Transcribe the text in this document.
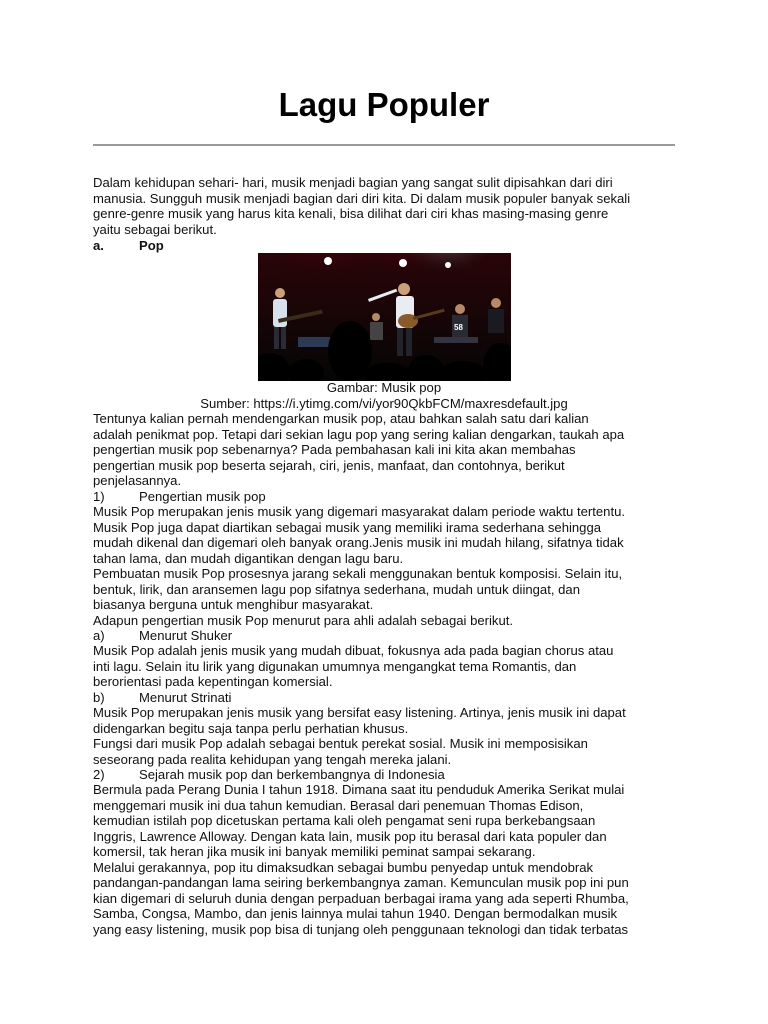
Lagu Populer
Dalam kehidupan sehari- hari, musik menjadi bagian yang sangat sulit dipisahkan dari diri
manusia. Sungguh musik menjadi bagian dari diri kita. Di dalam musik populer banyak sekali
genre-genre musik yang harus kita kenali, bisa dilihat dari ciri khas masing-masing genre
yaitu sebagai berikut.
a.	Pop
58
Gambar: Musik pop
Sumber: https://i.ytimg.com/vi/yor90QkbFCM/maxresdefault.jpg
Tentunya kalian pernah mendengarkan musik pop, atau bahkan salah satu dari kalian
adalah penikmat pop. Tetapi dari sekian lagu pop yang sering kalian dengarkan, taukah apa
pengertian musik pop sebenarnya? Pada pembahasan kali ini kita akan membahas
pengertian musik pop beserta sejarah, ciri, jenis, manfaat, dan contohnya, berikut
penjelasannya.
1)	Pengertian musik pop
Musik Pop merupakan jenis musik yang digemari masyarakat dalam periode waktu tertentu.
Musik Pop juga dapat diartikan sebagai musik yang memiliki irama sederhana sehingga
mudah dikenal dan digemari oleh banyak orang.Jenis musik ini mudah hilang, sifatnya tidak
tahan lama, dan mudah digantikan dengan lagu baru.
Pembuatan musik Pop prosesnya jarang sekali menggunakan bentuk komposisi. Selain itu,
bentuk, lirik, dan aransemen lagu pop sifatnya sederhana, mudah untuk diingat, dan
biasanya berguna untuk menghibur masyarakat.
Adapun pengertian musik Pop menurut para ahli adalah sebagai berikut.
a)	Menurut Shuker
Musik Pop adalah jenis musik yang mudah dibuat, fokusnya ada pada bagian chorus atau
inti lagu. Selain itu lirik yang digunakan umumnya mengangkat tema Romantis, dan
berorientasi pada kepentingan komersial.
b)	Menurut Strinati
Musik Pop merupakan jenis musik yang bersifat easy listening. Artinya, jenis musik ini dapat
didengarkan begitu saja tanpa perlu perhatian khusus.
Fungsi dari musik Pop adalah sebagai bentuk perekat sosial. Musik ini memposisikan
seseorang pada realita kehidupan yang tengah mereka jalani.
2)	Sejarah musik pop dan berkembangnya di Indonesia
Bermula pada Perang Dunia I tahun 1918. Dimana saat itu penduduk Amerika Serikat mulai
menggemari musik ini dua tahun kemudian. Berasal dari penemuan Thomas Edison,
kemudian istilah pop dicetuskan pertama kali oleh pengamat seni rupa berkebangsaan
Inggris, Lawrence Alloway. Dengan kata lain, musik pop itu berasal dari kata populer dan
komersil, tak heran jika musik ini banyak memiliki peminat sampai sekarang.
Melalui gerakannya, pop itu dimaksudkan sebagai bumbu penyedap untuk mendobrak
pandangan-pandangan lama seiring berkembangnya zaman. Kemunculan musik pop ini pun
kian digemari di seluruh dunia dengan perpaduan berbagai irama yang ada seperti Rhumba,
Samba, Congsa, Mambo, dan jenis lainnya mulai tahun 1940. Dengan bermodalkan musik
yang easy listening, musik pop bisa di tunjang oleh penggunaan teknologi dan tidak terbatas
